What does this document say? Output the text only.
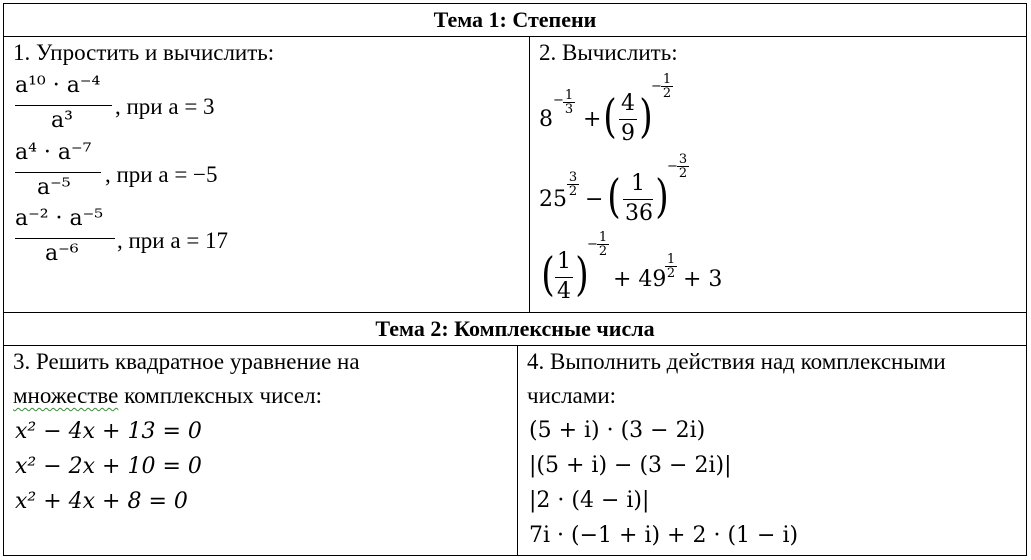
Тема 1: Степени
1. Упростить и вычислить:
a¹⁰ · a⁻⁴
a³
, при a = 3
a⁴ · a⁻⁷
a⁻⁵
, при a = −5
a⁻² · a⁻⁵
a⁻⁶
, при a = 17
2. Вычислить:
8
− 1
3 + ( 4
9 )
− 1
2
25
3
2 − ( 1
36 )
− 3
2
( 1
4 )
− 1
2
+ 49
1
2 + 3
Тема 2: Комплексные числа
3. Решить квадратное уравнение на
множестве комплексных чисел:
x² − 4x + 13 = 0
x² − 2x + 10 = 0
x² + 4x + 8 = 0
4. Выполнить действия над комплексными
числами:
(5 + i) · (3 − 2i)
|(5 + i) − (3 − 2i)|
|2 · (4 − i)|
7i · (−1 + i) + 2 · (1 − i)
